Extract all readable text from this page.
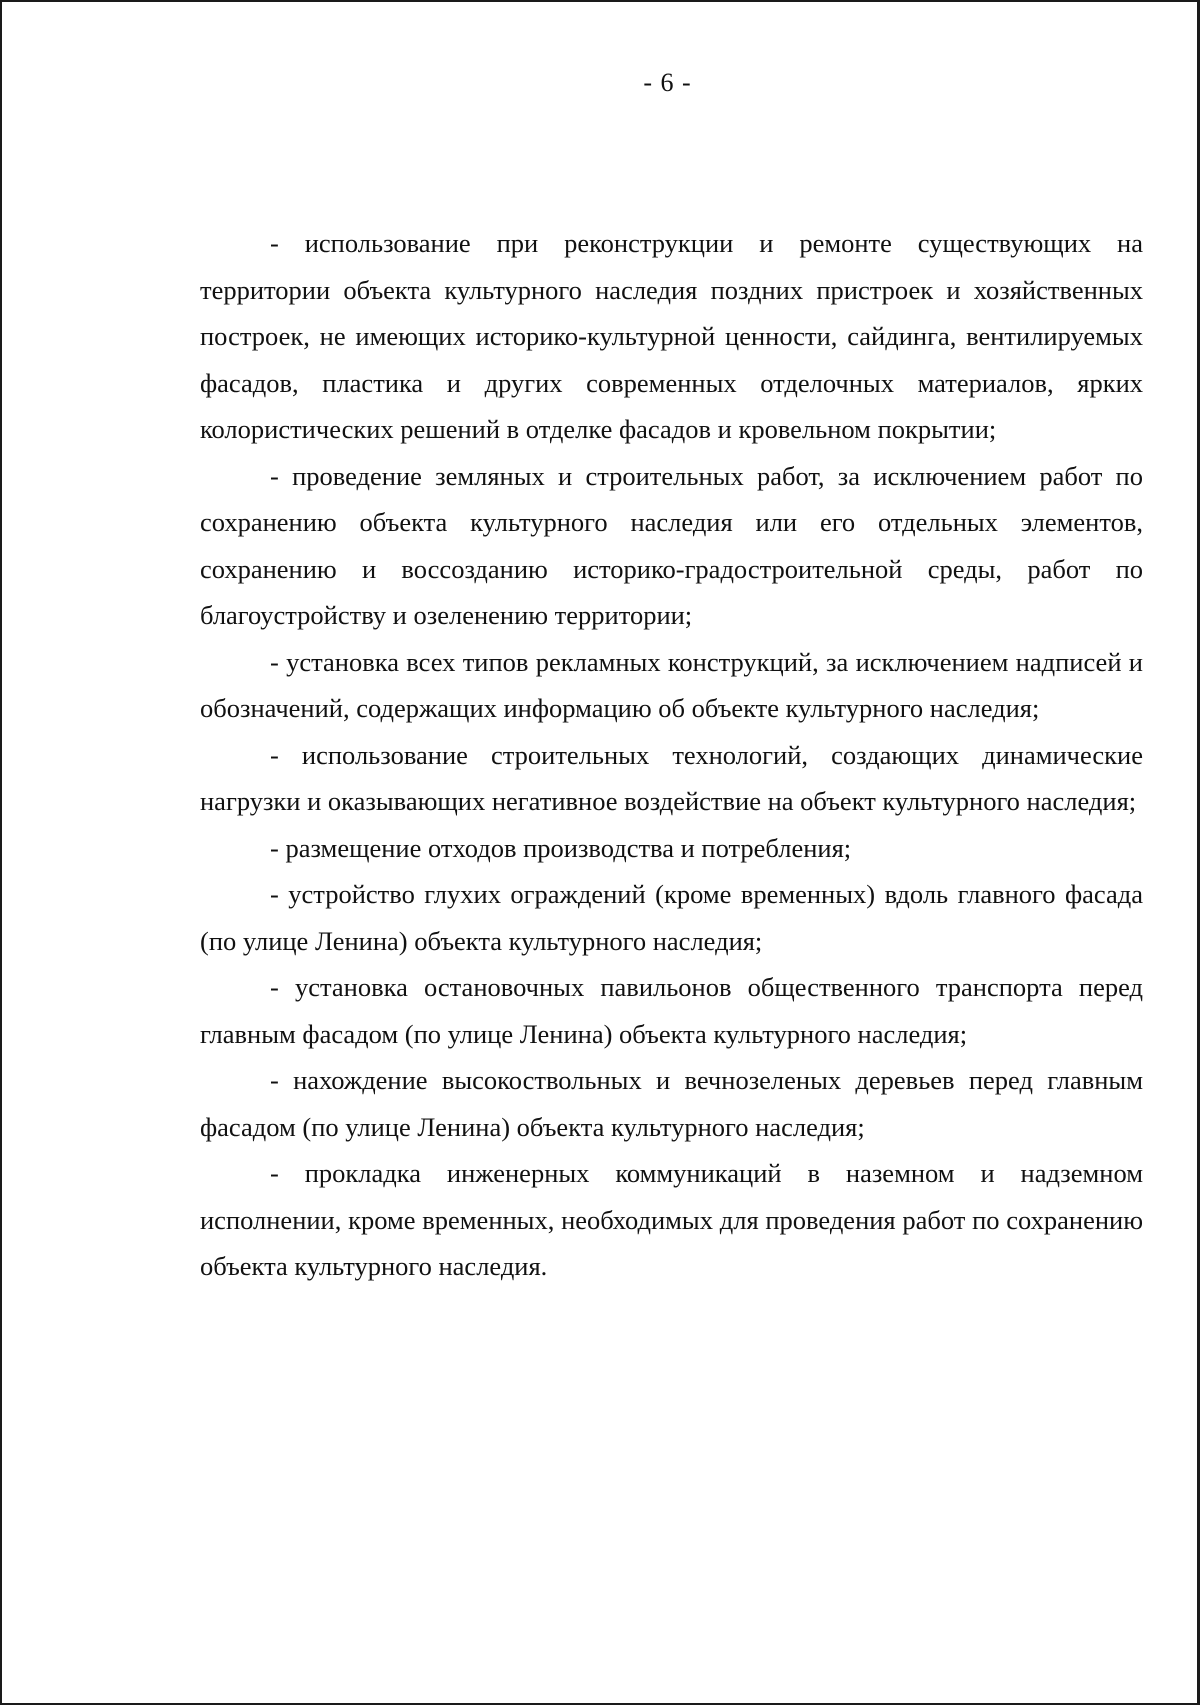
- 6 -

- использование при реконструкции и ремонте существующих на территории объекта культурного наследия поздних пристроек и хозяйственных построек, не имеющих историко-культурной ценности, сайдинга, вентилируемых фасадов, пластика и других современных отделочных материалов, ярких колористических решений в отделке фасадов и кровельном покрытии;

- проведение земляных и строительных работ, за исключением работ по сохранению объекта культурного наследия или его отдельных элементов, сохранению и воссозданию историко-градостроительной среды, работ по благоустройству и озеленению территории;

- установка всех типов рекламных конструкций, за исключением надписей и обозначений, содержащих информацию об объекте культурного наследия;

- использование строительных технологий, создающих динамические нагрузки и оказывающих негативное воздействие на объект культурного наследия;

- размещение отходов производства и потребления;

- устройство глухих ограждений (кроме временных) вдоль главного фасада (по улице Ленина) объекта культурного наследия;

- установка остановочных павильонов общественного транспорта перед главным фасадом (по улице Ленина) объекта культурного наследия;

- нахождение высокоствольных и вечнозеленых деревьев перед главным фасадом (по улице Ленина) объекта культурного наследия;

- прокладка инженерных коммуникаций в наземном и надземном исполнении, кроме временных, необходимых для проведения работ по сохранению объекта культурного наследия.
